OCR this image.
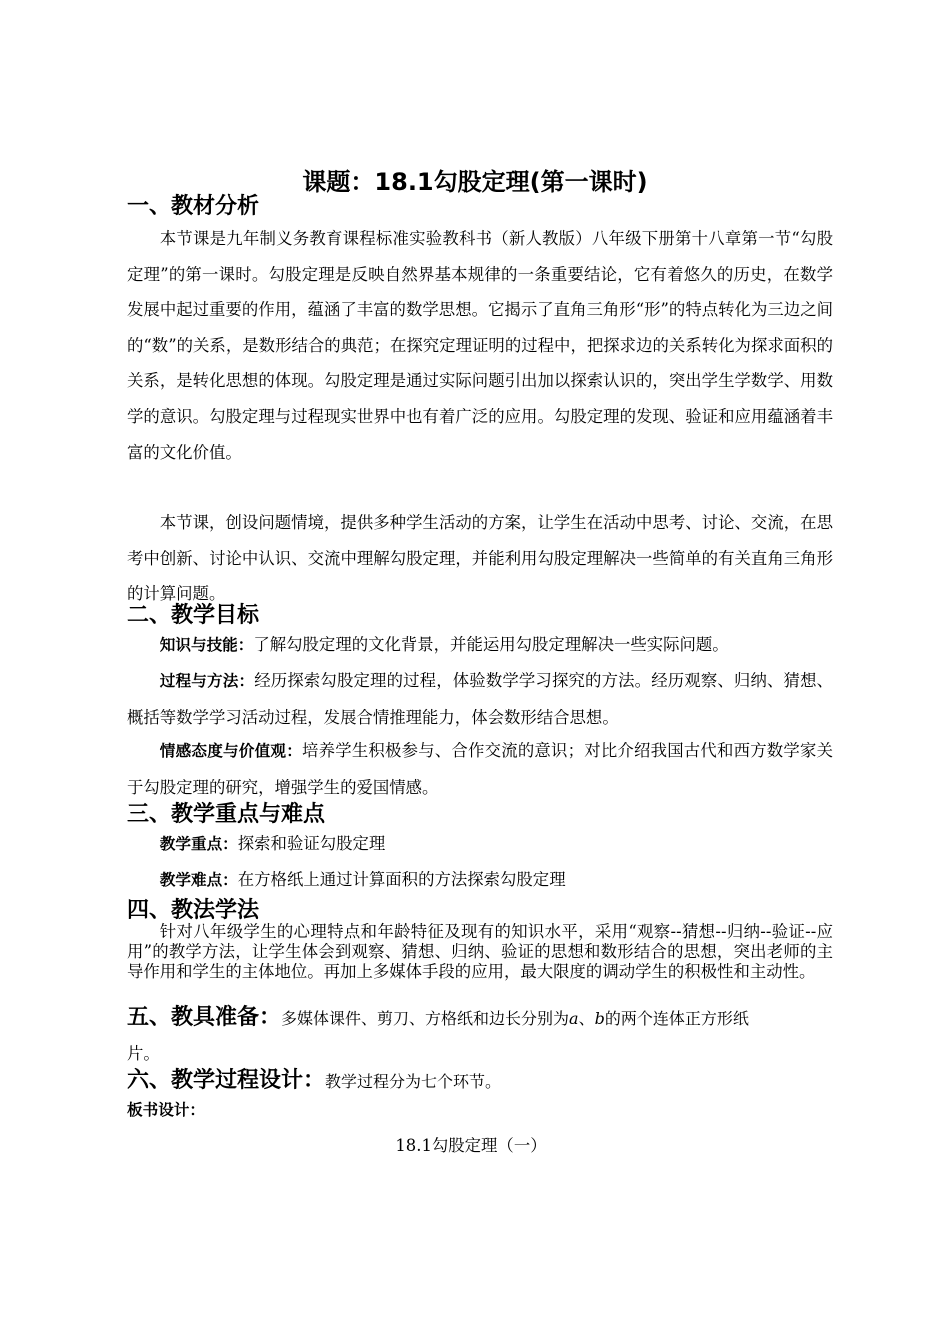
课题：18.1勾股定理(第一课时)
一、教材分析

本节课是九年制义务教育课程标准实验教科书（新人教版）八年级下册第十八章第一节“勾股定理”的第一课时。勾股定理是反映自然界基本规律的一条重要结论，它有着悠久的历史，在数学发展中起过重要的作用，蕴涵了丰富的数学思想。它揭示了直角三角形“形”的特点转化为三边之间的“数”的关系，是数形结合的典范；在探究定理证明的过程中，把探求边的关系转化为探求面积的关系，是转化思想的体现。勾股定理是通过实际问题引出加以探索认识的，突出学生学数学、用数学的意识。勾股定理与过程现实世界中也有着广泛的应用。勾股定理的发现、验证和应用蕴涵着丰富的文化价值。

本节课，创设问题情境，提供多种学生活动的方案，让学生在活动中思考、讨论、交流，在思考中创新、讨论中认识、交流中理解勾股定理，并能利用勾股定理解决一些简单的有关直角三角形的计算问题。

二、教学目标

知识与技能：了解勾股定理的文化背景，并能运用勾股定理解决一些实际问题。

过程与方法：经历探索勾股定理的过程，体验数学学习探究的方法。经历观察、归纳、猜想、概括等数学学习活动过程，发展合情推理能力，体会数形结合思想。

情感态度与价值观：培养学生积极参与、合作交流的意识；对比介绍我国古代和西方数学家关于勾股定理的研究，增强学生的爱国情感。

三、教学重点与难点

教学重点：探索和验证勾股定理

教学难点：在方格纸上通过计算面积的方法探索勾股定理

四、教法学法

针对八年级学生的心理特点和年龄特征及现有的知识水平，采用“观察--猜想--归纳--验证--应用”的教学方法，让学生体会到观察、猜想、归纳、验证的思想和数形结合的思想，突出老师的主导作用和学生的主体地位。再加上多媒体手段的应用，最大限度的调动学生的积极性和主动性。

五、教具准备：多媒体课件、剪刀、方格纸和边长分别为a、b的两个连体正方形纸

片。

六、教学过程设计：教学过程分为七个环节。
板书设计：
18.1勾股定理（一）
